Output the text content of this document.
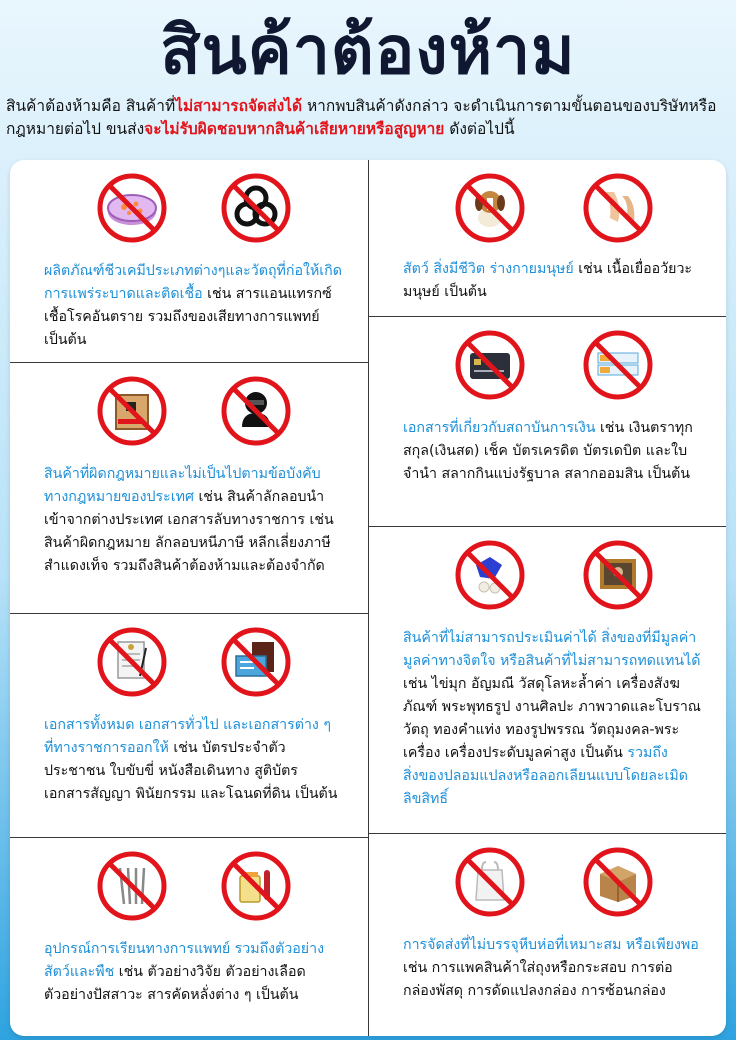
สินค้าต้องห้าม
สินค้าต้องห้ามคือ สินค้าที่ไม่สามารถจัดส่งได้ หากพบสินค้าดังกล่าว จะดำเนินการตามขั้นตอนของบริษัทหรือกฎหมายต่อไป ขนส่งจะไม่รับผิดชอบหากสินค้าเสียหายหรือสูญหาย ดังต่อไปนี้
ผลิตภัณฑ์ชีวเคมีประเภทต่างๆและวัตถุที่ก่อให้เกิดการแพร่ระบาดและติดเชื้อ เช่น สารแอนแทรกซ์ เชื้อโรคอันตราย รวมถึงของเสียทางการแพทย์ เป็นต้น
สินค้าที่ผิดกฎหมายและไม่เป็นไปตามข้อบังคับทางกฎหมายของประเทศ เช่น สินค้าลักลอบนำเข้าจากต่างประเทศ เอกสารลับทางราชการ เช่น สินค้าผิดกฎหมาย ลักลอบหนีภาษี หลีกเลี่ยงภาษี สำแดงเท็จ รวมถึงสินค้าต้องห้ามและต้องจำกัด
เอกสารทั้งหมด เอกสารทั่วไป และเอกสารต่าง ๆ ที่ทางราชการออกให้ เช่น บัตรประจำตัวประชาชน ใบขับขี่ หนังสือเดินทาง สูติบัตร เอกสารสัญญา พินัยกรรม และโฉนดที่ดิน เป็นต้น
อุปกรณ์การเรียนทางการแพทย์ รวมถึงตัวอย่างสัตว์และพืช เช่น ตัวอย่างวิจัย ตัวอย่างเลือด ตัวอย่างปัสสาวะ สารคัดหลั่งต่าง ๆ เป็นต้น
สัตว์ สิ่งมีชีวิต ร่างกายมนุษย์ เช่น เนื้อเยื่ออวัยวะมนุษย์ เป็นต้น
เอกสารที่เกี่ยวกับสถาบันการเงิน เช่น เงินตราทุกสกุล(เงินสด) เช็ค บัตรเครดิต บัตรเดบิต และใบจำนำ สลากกินแบ่งรัฐบาล สลากออมสิน เป็นต้น
สินค้าที่ไม่สามารถประเมินค่าได้ สิ่งของที่มีมูลค่า มูลค่าทางจิตใจ หรือสินค้าที่ไม่สามารถทดแทนได้ เช่น ไข่มุก อัญมณี วัสดุโลหะล้ำค่า เครื่องสังฆภัณฑ์ พระพุทธรูป งานศิลปะ ภาพวาดและโบราณวัตถุ ทองคำแท่ง ทองรูปพรรณ วัตถุมงคล-พระเครื่อง เครื่องประดับมูลค่าสูง เป็นต้น รวมถึงสิ่งของปลอมแปลงหรือลอกเลียนแบบโดยละเมิดลิขสิทธิ์
การจัดส่งที่ไม่บรรจุหีบห่อที่เหมาะสม หรือเพียงพอ เช่น การแพคสินค้าใส่ถุงหรือกระสอบ การต่อกล่องพัสดุ การดัดแปลงกล่อง การซ้อนกล่อง
